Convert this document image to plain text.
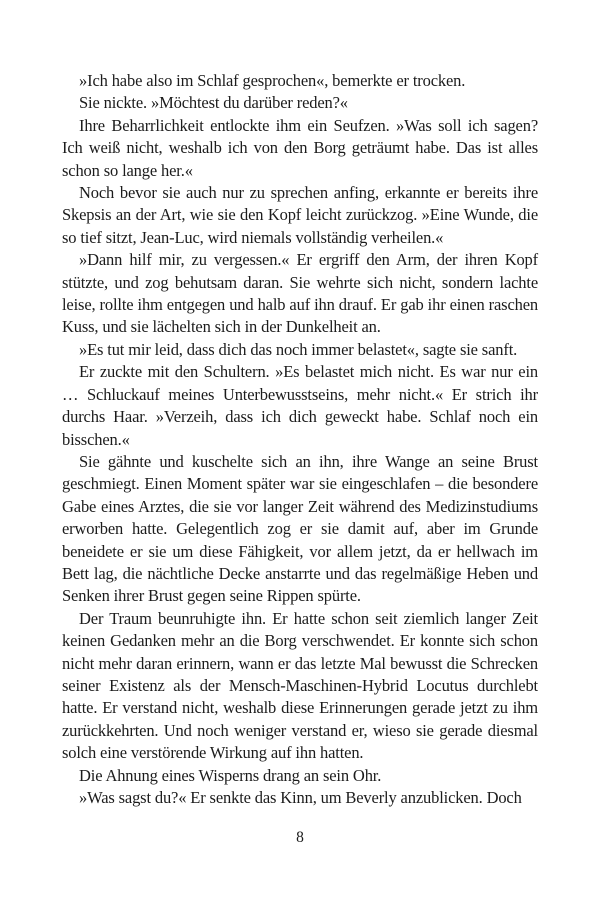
»Ich habe also im Schlaf gesprochen«, bemerkte er trocken.

Sie nickte. »Möchtest du darüber reden?«

Ihre Beharrlichkeit entlockte ihm ein Seufzen. »Was soll ich sagen? Ich weiß nicht, weshalb ich von den Borg geträumt habe. Das ist alles schon so lange her.«

Noch bevor sie auch nur zu sprechen anfing, erkannte er bereits ihre Skepsis an der Art, wie sie den Kopf leicht zurückzog. »Eine Wunde, die so tief sitzt, Jean-Luc, wird niemals vollständig verheilen.«

»Dann hilf mir, zu vergessen.« Er ergriff den Arm, der ihren Kopf stützte, und zog behutsam daran. Sie wehrte sich nicht, sondern lachte leise, rollte ihm entgegen und halb auf ihn drauf. Er gab ihr einen raschen Kuss, und sie lächelten sich in der Dunkelheit an.

»Es tut mir leid, dass dich das noch immer belastet«, sagte sie sanft.

Er zuckte mit den Schultern. »Es belastet mich nicht. Es war nur ein … Schluckauf meines Unterbewusstseins, mehr nicht.« Er strich ihr durchs Haar. »Verzeih, dass ich dich geweckt habe. Schlaf noch ein bisschen.«

Sie gähnte und kuschelte sich an ihn, ihre Wange an seine Brust geschmiegt. Einen Moment später war sie eingeschlafen – die besondere Gabe eines Arztes, die sie vor langer Zeit während des Medizinstudiums erworben hatte. Gelegentlich zog er sie damit auf, aber im Grunde beneidete er sie um diese Fähigkeit, vor allem jetzt, da er hellwach im Bett lag, die nächtliche Decke anstarrte und das regelmäßige Heben und Senken ihrer Brust gegen seine Rippen spürte.

Der Traum beunruhigte ihn. Er hatte schon seit ziemlich langer Zeit keinen Gedanken mehr an die Borg verschwendet. Er konnte sich schon nicht mehr daran erinnern, wann er das letzte Mal bewusst die Schrecken seiner Existenz als der Mensch-Maschinen-Hybrid Locutus durchlebt hatte. Er verstand nicht, weshalb diese Erinnerungen gerade jetzt zu ihm zurückkehrten. Und noch weniger verstand er, wieso sie gerade diesmal solch eine verstörende Wirkung auf ihn hatten.

Die Ahnung eines Wisperns drang an sein Ohr.

»Was sagst du?« Er senkte das Kinn, um Beverly anzublicken. Doch

8
